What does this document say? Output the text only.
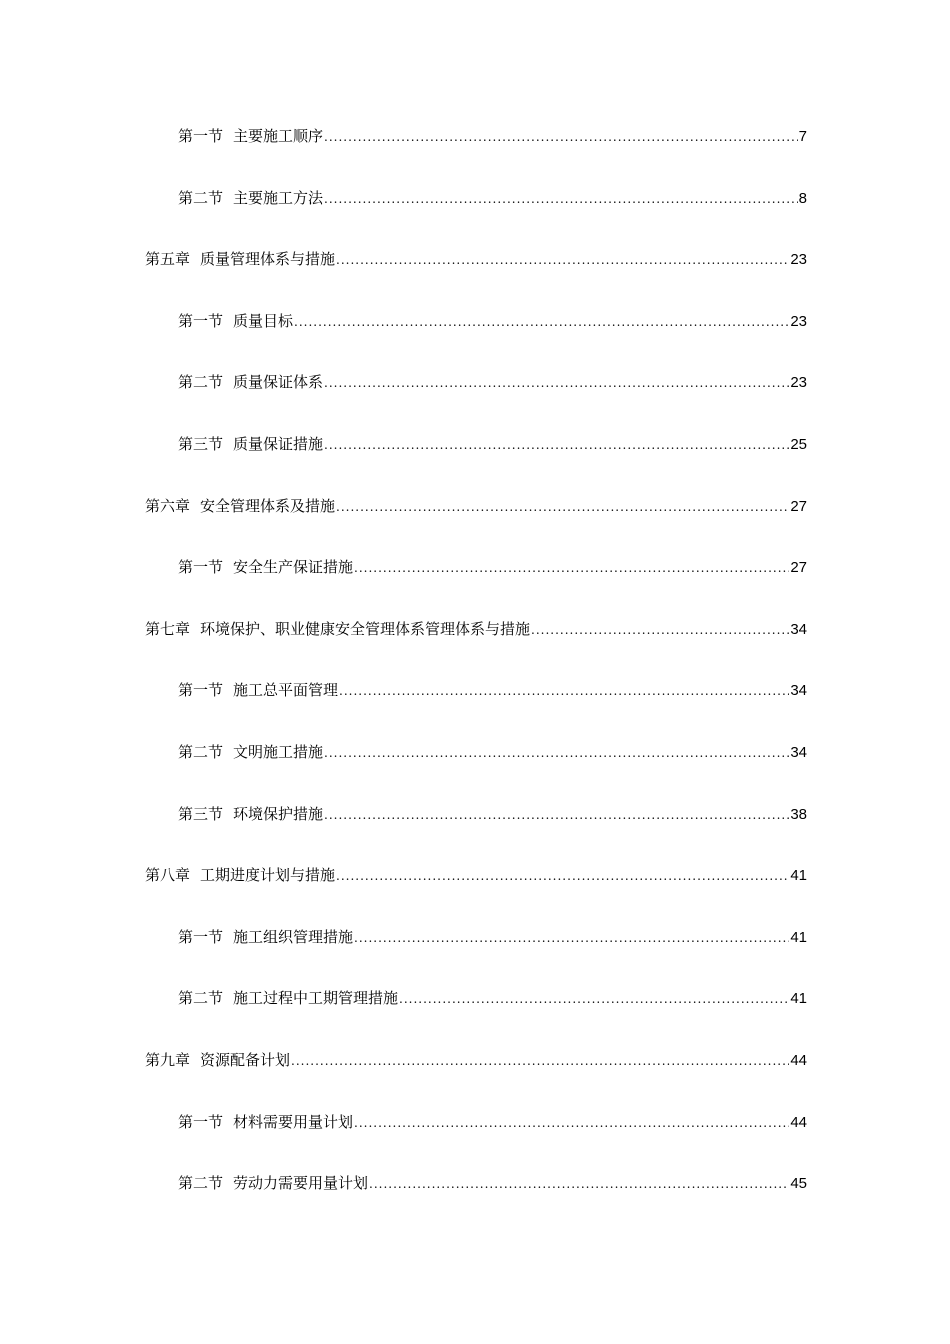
第一节 主要施工顺序 .....	7
第二节 主要施工方法 .....	8
第五章 质量管理体系与措施 .....	23
第一节 质量目标 .....	23
第二节 质量保证体系 .....	23
第三节 质量保证措施 .....	25
第六章 安全管理体系及措施 .....	27
第一节 安全生产保证措施 .....	27
第七章 环境保护、职业健康安全管理体系管理体系与措施 .....	34
第一节 施工总平面管理 .....	34
第二节 文明施工措施 .....	34
第三节 环境保护措施 .....	38
第八章 工期进度计划与措施 .....	41
第一节 施工组织管理措施 .....	41
第二节 施工过程中工期管理措施 .....	41
第九章 资源配备计划 .....	44
第一节 材料需要用量计划 .....	44
第二节 劳动力需要用量计划 .....	45
